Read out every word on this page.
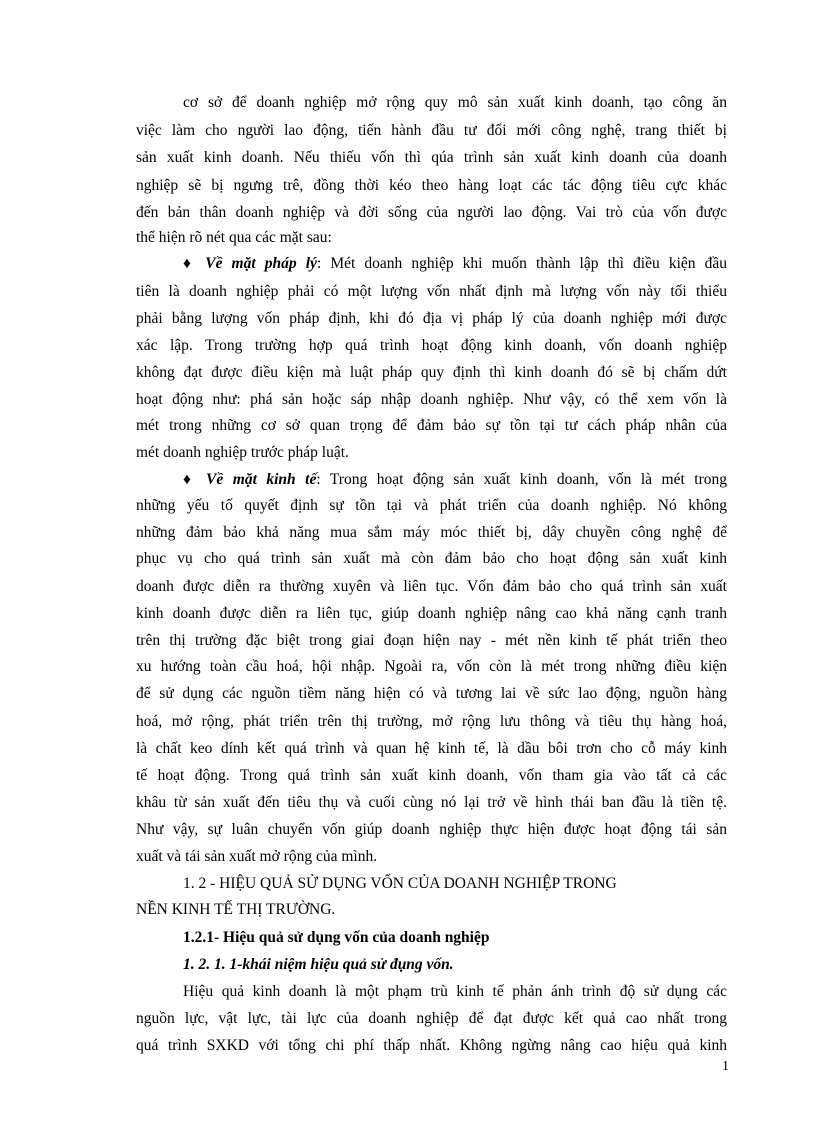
cơ sở để doanh nghiệp mở rộng quy mô sản xuất kinh doanh, tạo công ăn
việc làm cho người lao động, tiến hành đầu tư đổi mới công nghệ, trang thiết bị
sản xuất kinh doanh. Nếu thiếu vốn thì qúa trình sản xuất kinh doanh của doanh
nghiệp sẽ bị ngưng trê, đồng thời kéo theo hàng loạt các tác động tiêu cực khác
đến bản thân doanh nghiệp và đời sống của người lao động. Vai trò của vốn được
thể hiện rõ nét qua các mặt sau:
♦ Về mặt pháp lý: Mét doanh nghiệp khi muốn thành lập thì điều kiện đầu
tiên là doanh nghiệp phải có một lượng vốn nhất định mà lượng vốn này tối thiểu
phải bằng lượng vốn pháp định, khi đó địa vị pháp lý của doanh nghiệp mới được
xác lập. Trong trường hợp quá trình hoạt động kinh doanh, vốn doanh nghiệp
không đạt được điều kiện mà luật pháp quy định thì kinh doanh đó sẽ bị chấm dứt
hoạt động như: phá sản hoặc sáp nhập doanh nghiệp. Như vậy, có thể xem vốn là
mét trong những cơ sở quan trọng để đảm bảo sự tồn tại tư cách pháp nhân của
mét doanh nghiệp trước pháp luật.
♦ Về mặt kinh tế: Trong hoạt động sản xuất kinh doanh, vốn là mét trong
những yếu tố quyết định sự tồn tại và phát triển của doanh nghiệp. Nó không
những đảm bảo khả năng mua sắm máy móc thiết bị, dây chuyền công nghệ để
phục vụ cho quá trình sản xuất mà còn đảm bảo cho hoạt động sản xuất kinh
doanh được diễn ra thường xuyên và liên tục. Vốn đảm bảo cho quá trình sản xuất
kinh doanh được diễn ra liên tục, giúp doanh nghiệp nâng cao khả năng cạnh tranh
trên thị trường đặc biệt trong giai đoạn hiện nay - mét nền kinh tế phát triển theo
xu hướng toàn cầu hoá, hội nhập. Ngoài ra, vốn còn là mét trong những điều kiện
để sử dụng các nguồn tiềm năng hiện có và tương lai về sức lao động, nguồn hàng
hoá, mở rộng, phát triển trên thị trường, mở rộng lưu thông và tiêu thụ hàng hoá,
là chất keo dính kết quá trình và quan hệ kinh tế, là dầu bôi trơn cho cỗ máy kinh
tế hoạt động. Trong quá trình sản xuất kinh doanh, vốn tham gia vào tất cả các
khâu từ sản xuất đến tiêu thụ và cuối cùng nó lại trở về hình thái ban đầu là tiền tệ.
Như vậy, sự luân chuyển vốn giúp doanh nghiệp thực hiện được hoạt động tái sản
xuất và tái sản xuất mở rộng của mình.
1. 2 - HIỆU QUẢ SỬ DỤNG VỐN CỦA DOANH NGHIỆP TRONG
NỀN KINH TẾ THỊ TRƯỜNG.
1.2.1- Hiệu quả sử dụng vốn của doanh nghiệp
1. 2. 1. 1-khái niệm hiệu quả sử đụng vốn.
Hiệu quả kinh doanh là một phạm trù kinh tế phản ánh trình độ sử dụng các
nguồn lực, vật lực, tài lực của doanh nghiệp để đạt được kết quả cao nhất trong
quá trình SXKD với tổng chi phí thấp nhất. Không ngừng nâng cao hiệu quả kinh
1
